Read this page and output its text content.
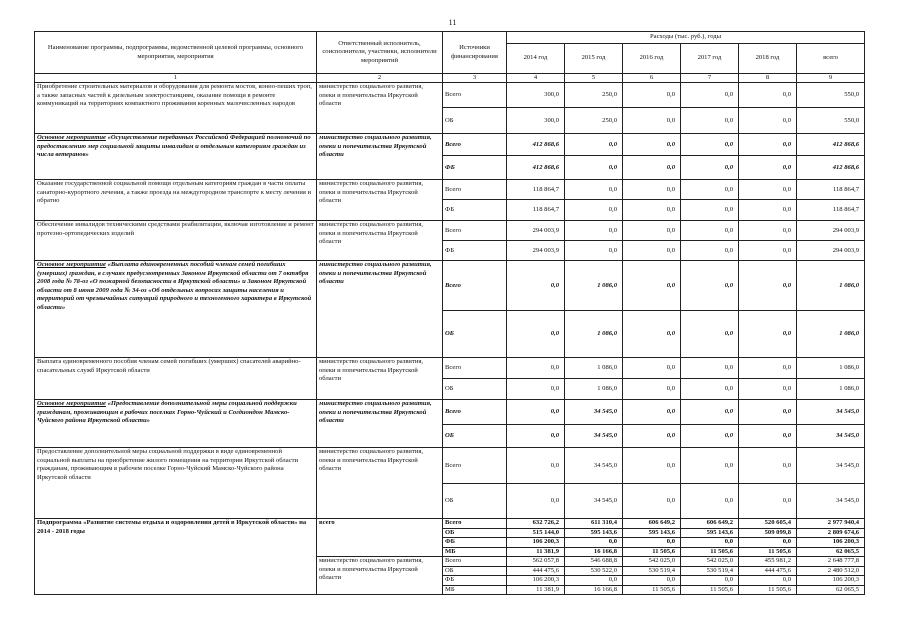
11
Наименование программы, подпрограммы, ведомственной целевой программы, основного мероприятия, мероприятия	Ответственный исполнитель, соисполнители, участники, исполнители мероприятий	Источники финансирования	Расходы (тыс. руб.), годы					
			2014 год	2015 год	2016 год	2017 год	2018 год	всего
1	2	3	4	5	6	7	8	9
Приобретение строительных материалов и оборудования для ремонта мостов, конно-пеших троп, а также запасных частей к дизельным электростанциям, оказание помощи в ремонте коммуникаций на территориях компактного проживания коренных малочисленных народов	министерство социального развития, опеки и попечительства Иркутской области	Всего	300,0	250,0	0,0	0,0	0,0	550,0
		ОБ	300,0	250,0	0,0	0,0	0,0	550,0
Основное мероприятие «Осуществление переданных Российской Федерацией полномочий по предоставлению мер социальной защиты инвалидам и отдельным категориям граждан из числа ветеранов»	министерство социального развития, опеки и попечительства Иркутской области	Всего	412 868,6	0,0	0,0	0,0	0,0	412 868,6
		ФБ	412 868,6	0,0	0,0	0,0	0,0	412 868,6
Оказание государственной социальной помощи отдельным категориям граждан в части оплаты санаторно-курортного лечения, а также проезда на междугородном транспорте к месту лечения и обратно	министерство социального развития, опеки и попечительства Иркутской области	Всего	118 864,7	0,0	0,0	0,0	0,0	118 864,7
		ФБ	118 864,7	0,0	0,0	0,0	0,0	118 864,7
Обеспечение инвалидов техническими средствами реабилитации, включая изготовление и ремонт протезно-ортопедических изделий	министерство социального развития, опеки и попечительства Иркутской области	Всего	294 003,9	0,0	0,0	0,0	0,0	294 003,9
		ФБ	294 003,9	0,0	0,0	0,0	0,0	294 003,9
Основное мероприятие «Выплата единовременных пособий членам семей погибших (умерших) граждан, в случаях предусмотренных Законом Иркутской области от 7 октября 2008 года № 78-оз «О пожарной безопасности в Иркутской области» и Законом Иркутской области от 8 июня 2009 года № 34-оз «Об отдельных вопросах защиты населения и территорий от чрезвычайных ситуаций природного и техногенного характера в Иркутской области»	министерство социального развития, опеки и попечительства Иркутской области	Всего	0,0	1 086,0	0,0	0,0	0,0	1 086,0
		ОБ	0,0	1 086,0	0,0	0,0	0,0	1 086,0
Выплата единовременного пособия членам семей погибших (умерших) спасателей аварийно-спасательных служб Иркутской области	министерство социального развития, опеки и попечительства Иркутской области	Всего	0,0	1 086,0	0,0	0,0	0,0	1 086,0
		ОБ	0,0	1 086,0	0,0	0,0	0,0	1 086,0
Основное мероприятие «Предоставление дополнительной меры социальной поддержки гражданам, проживающим в рабочих поселках Горно-Чуйский и Согдиондон Мамско-Чуйского района Иркутской области»	министерство социального развития, опеки и попечительства Иркутской области	Всего	0,0	34 545,0	0,0	0,0	0,0	34 545,0
		ОБ	0,0	34 545,0	0,0	0,0	0,0	34 545,0
Предоставление дополнительной меры социальной поддержки в виде единовременной социальной выплаты на приобретение жилого помещения на территории Иркутской области гражданам, проживающим в рабочем поселке Горно-Чуйский Мамско-Чуйского района Иркутской области	министерство социального развития, опеки и попечительства Иркутской области	Всего	0,0	34 545,0	0,0	0,0	0,0	34 545,0
		ОБ	0,0	34 545,0	0,0	0,0	0,0	34 545,0
Подпрограмма «Развитие системы отдыха и оздоровления детей в Иркутской области» на 2014 - 2018 годы	всего	Всего	632 726,2	611 310,4	606 649,2	606 649,2	520 605,4	2 977 940,4
		ОБ	515 144,0	595 143,6	595 143,6	595 143,6	509 099,8	2 809 674,6
		ФБ	106 200,3	0,0	0,0	0,0	0,0	106 200,3
		МБ	11 381,9	16 166,8	11 505,6	11 505,6	11 505,6	62 065,5
	министерство социального развития, опеки и попечительства Иркутской области	Всего	562 057,8	546 688,8	542 025,0	542 025,0	455 981,2	2 648 777,8
		ОБ	444 475,6	530 522,0	530 519,4	530 519,4	444 475,6	2 480 512,0
		ФБ	106 200,3	0,0	0,0	0,0	0,0	106 200,3
		МБ	11 381,9	16 166,8	11 505,6	11 505,6	11 505,6	62 065,5
